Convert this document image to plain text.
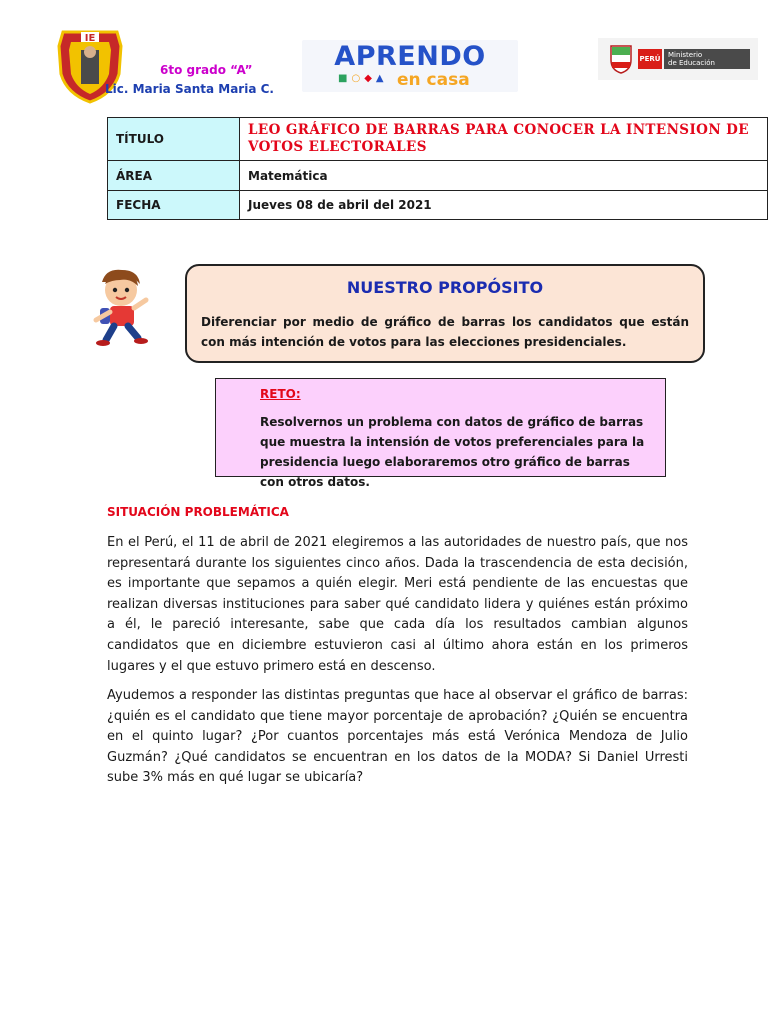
IE
6to grado “A”
Lic. Maria Santa Maria C.
APRENDO
■○◆▲ en casa
PERÚ Ministerio
de Educación
TÍTULO	LEO GRÁFICO DE BARRAS PARA CONOCER LA INTENSION DE VOTOS ELECTORALES

ÁREA	Matemática
FECHA	Jueves 08 de abril del 2021
NUESTRO PROPÓSITO
Diferenciar por medio de gráfico de barras los candidatos que están con más intención de votos para las elecciones presidenciales.
RETO:
Resolvernos un problema con datos de gráfico de barras que muestra la intensión de votos preferenciales para la presidencia luego elaboraremos otro gráfico de barras con otros datos.
SITUACIÓN PROBLEMÁTICA
En el Perú, el 11 de abril de 2021 elegiremos a las autoridades de nuestro país, que nos representará durante los siguientes cinco años. Dada la trascendencia de esta decisión, es importante que sepamos a quién elegir. Meri está pendiente de las encuestas que realizan diversas instituciones para saber qué candidato lidera y quiénes están próximo a él, le pareció interesante, sabe que cada día los resultados cambian algunos candidatos que en diciembre estuvieron casi al último ahora están en los primeros lugares y el que estuvo primero está en descenso.
Ayudemos a responder las distintas preguntas que hace al observar el gráfico de barras: ¿quién es el candidato que tiene mayor porcentaje de aprobación? ¿Quién se encuentra en el quinto lugar? ¿Por cuantos porcentajes más está Verónica Mendoza de Julio Guzmán? ¿Qué candidatos se encuentran en los datos de la MODA? Si Daniel Urresti sube 3% más en qué lugar se ubicaría?
